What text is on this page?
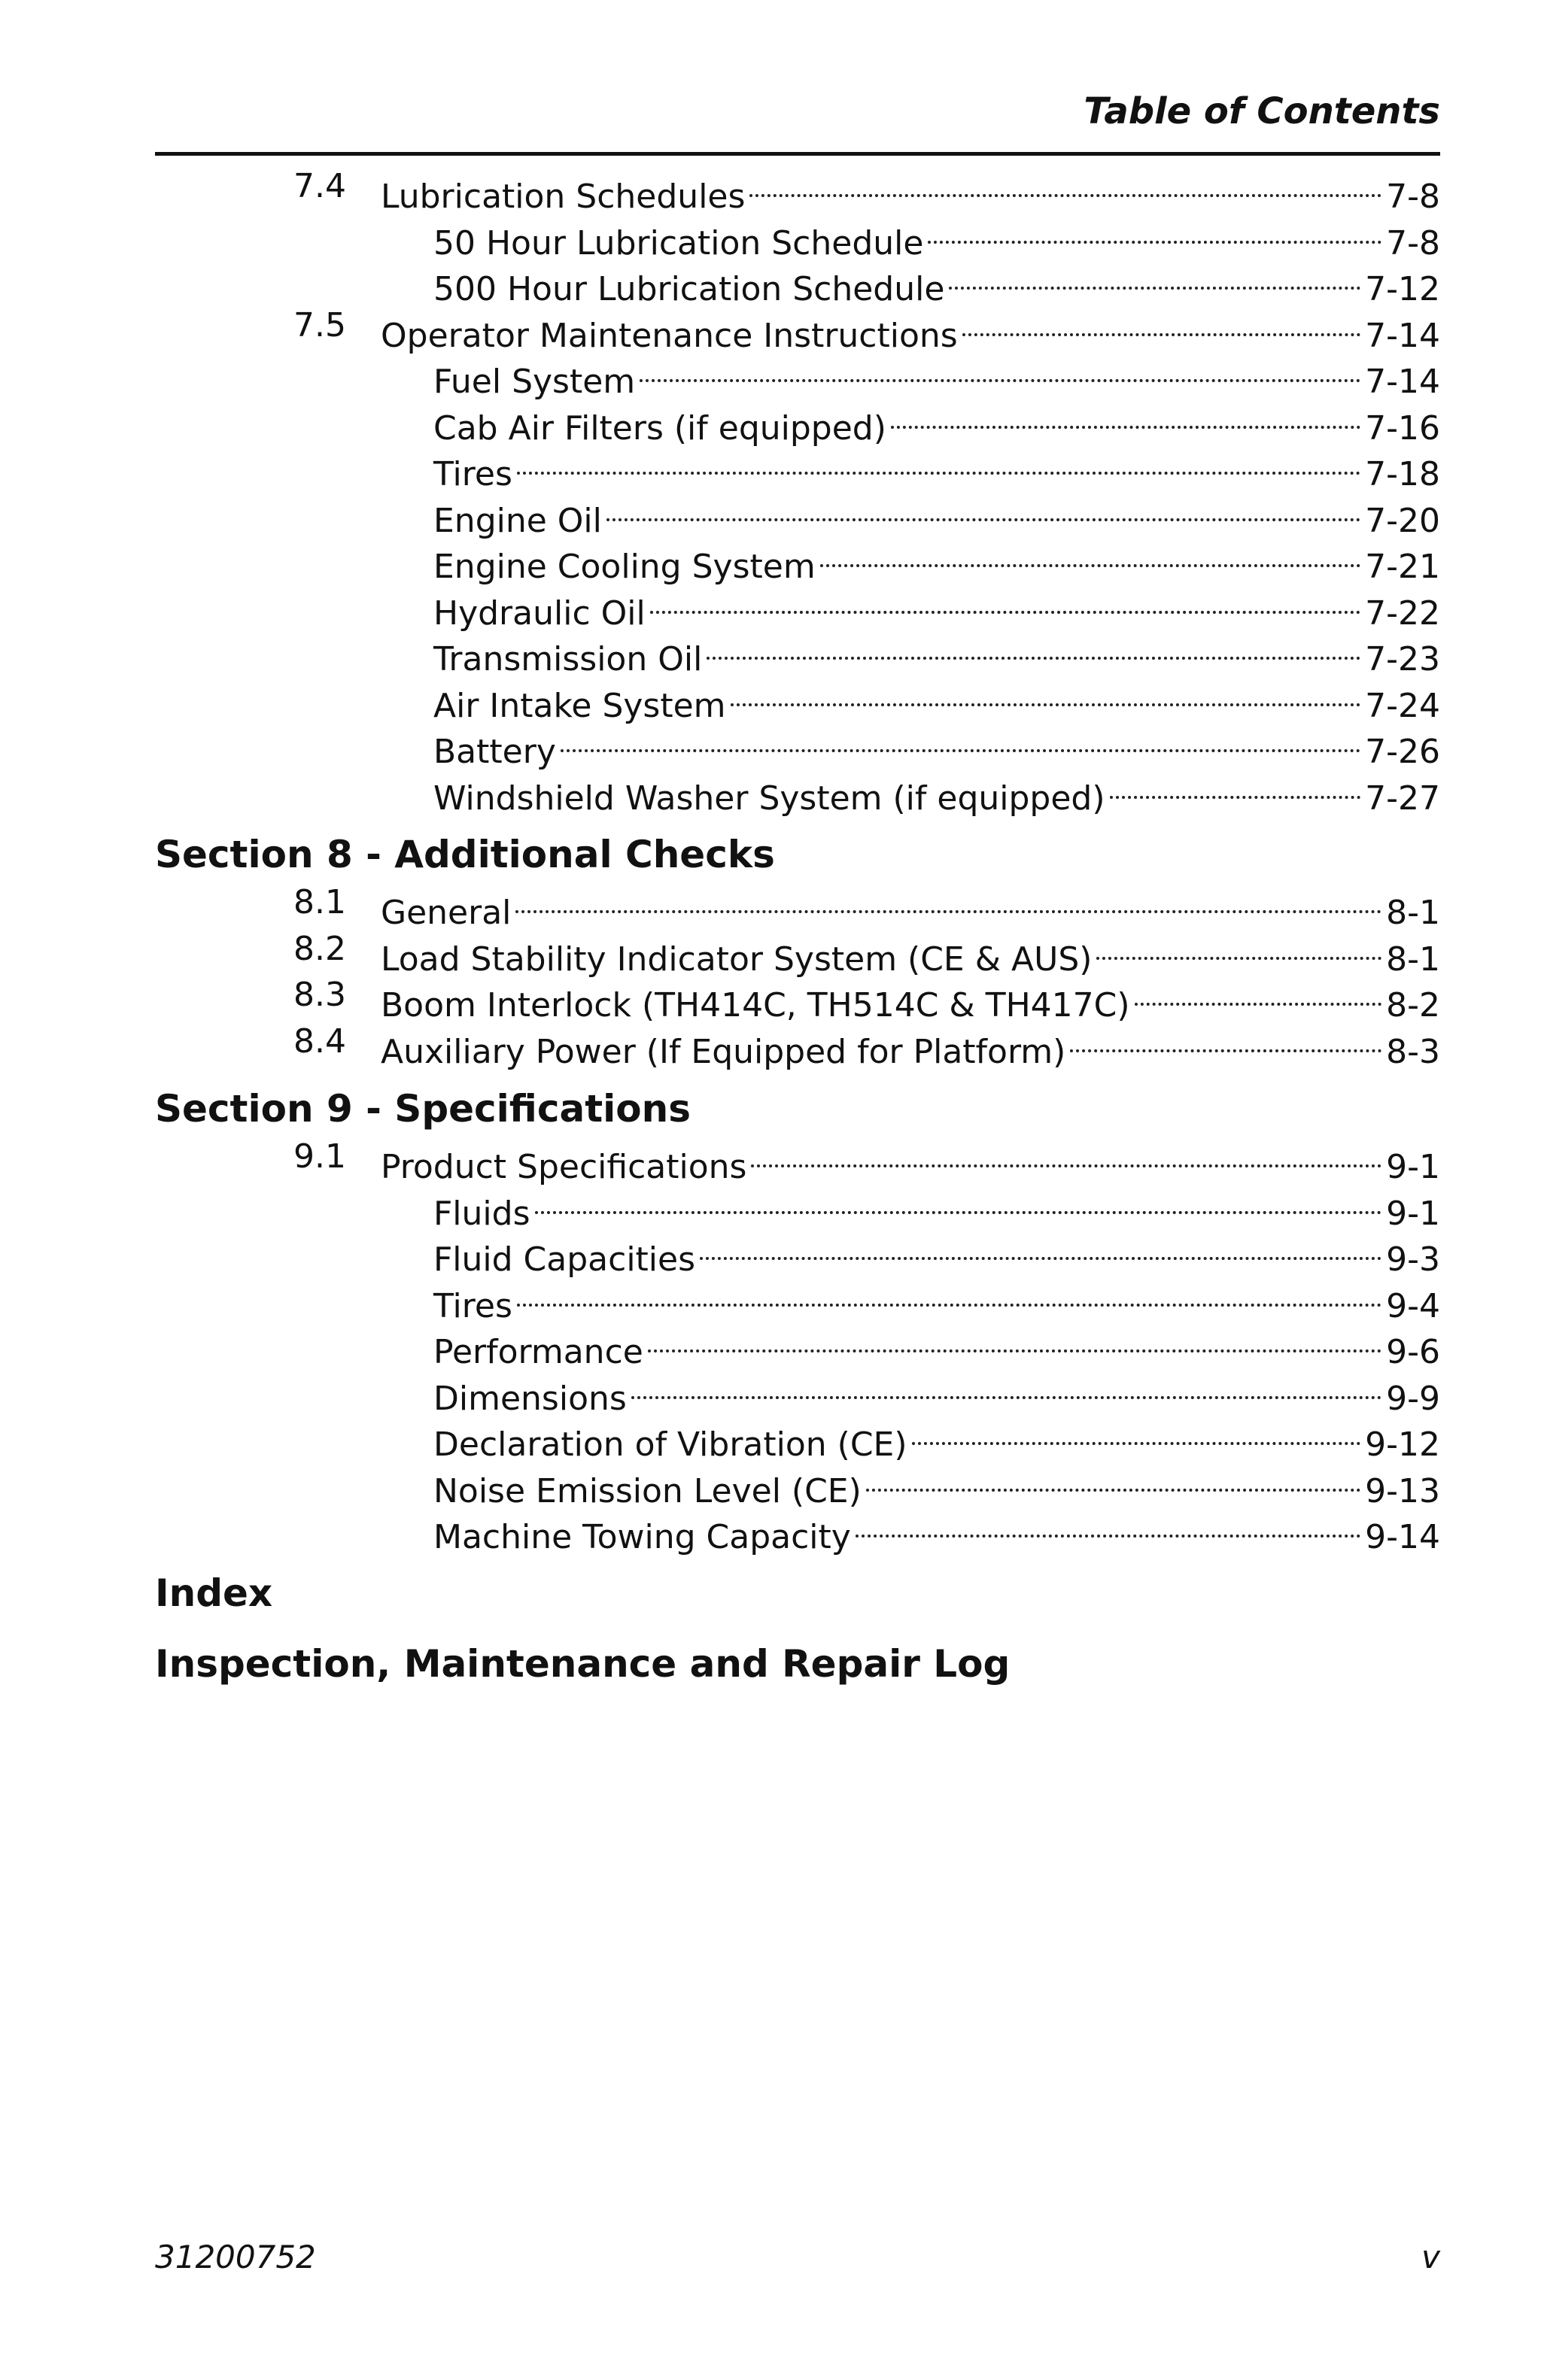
Table of Contents
7.4 Lubrication Schedules	7-8
50 Hour Lubrication Schedule	7-8
500 Hour Lubrication Schedule	7-12
7.5 Operator Maintenance Instructions	7-14
Fuel System	7-14
Cab Air Filters (if equipped)	7-16
Tires	7-18
Engine Oil	7-20
Engine Cooling System	7-21
Hydraulic Oil	7-22
Transmission Oil	7-23
Air Intake System	7-24
Battery	7-26
Windshield Washer System (if equipped)	7-27
8.1 General	8-1
8.2 Load Stability Indicator System (CE & AUS)	8-1
8.3 Boom Interlock (TH414C, TH514C & TH417C)	8-2
8.4 Auxiliary Power (If Equipped for Platform)	8-3
9.1 Product Specifications	9-1
Fluids	9-1
Fluid Capacities	9-3
Tires	9-4
Performance	9-6
Dimensions	9-9
Declaration of Vibration (CE)	9-12
Noise Emission Level (CE)	9-13
Machine Towing Capacity	9-14
Section 8 - Additional Checks
Section 9 - Specifications
Index
Inspection, Maintenance and Repair Log
31200752	v
